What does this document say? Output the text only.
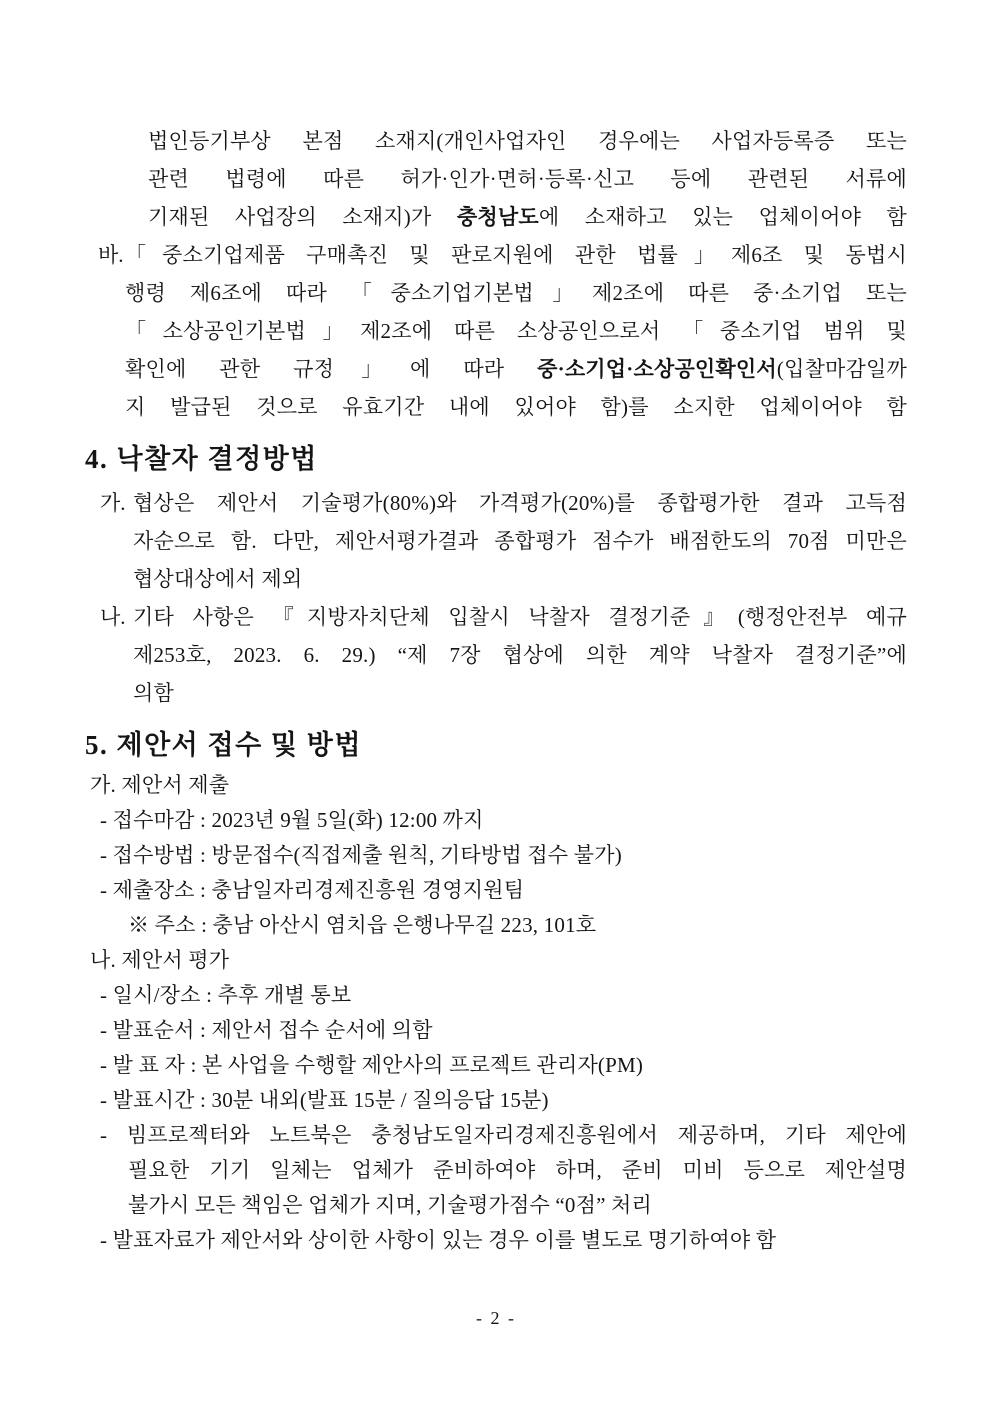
법인등기부상 본점 소재지(개인사업자인 경우에는 사업자등록증 또는
관련 법령에 따른 허가·인가·면허·등록·신고 등에 관련된 서류에
기재된 사업장의 소재지)가 충청남도에 소재하고 있는 업체이어야 함
바. 「중소기업제품 구매촉진 및 판로지원에 관한 법률」제6조 및 동법시
행령 제6조에 따라 「중소기업기본법」제2조에 따른 중·소기업 또는
「소상공인기본법」제2조에 따른 소상공인으로서 「중소기업 범위 및
확인에 관한 규정」에 따라 중·소기업·소상공인확인서(입찰마감일까
지 발급된 것으로 유효기간 내에 있어야 함)를 소지한 업체이어야 함
4. 낙찰자 결정방법
가. 협상은 제안서 기술평가(80%)와 가격평가(20%)를 종합평가한 결과 고득점
자순으로 함. 다만, 제안서평가결과 종합평가 점수가 배점한도의 70점 미만은
협상대상에서 제외
나. 기타 사항은 『지방자치단체 입찰시 낙찰자 결정기준』(행정안전부 예규
제253호, 2023. 6. 29.) “제 7장 협상에 의한 계약 낙찰자 결정기준”에
의함
5. 제안서 접수 및 방법
가. 제안서 제출
- 접수마감 : 2023년 9월 5일(화) 12:00 까지
- 접수방법 : 방문접수(직접제출 원칙, 기타방법 접수 불가)
- 제출장소 : 충남일자리경제진흥원 경영지원팀
※ 주소 : 충남 아산시 염치읍 은행나무길 223, 101호
나. 제안서 평가
- 일시/장소 : 추후 개별 통보
- 발표순서 : 제안서 접수 순서에 의함
- 발 표 자 : 본 사업을 수행할 제안사의 프로젝트 관리자(PM)
- 발표시간 : 30분 내외(발표 15분 / 질의응답 15분)
- 빔프로젝터와 노트북은 충청남도일자리경제진흥원에서 제공하며, 기타 제안에
필요한 기기 일체는 업체가 준비하여야 하며, 준비 미비 등으로 제안설명
불가시 모든 책임은 업체가 지며, 기술평가점수 “0점” 처리
- 발표자료가 제안서와 상이한 사항이 있는 경우 이를 별도로 명기하여야 함
- 2 -
